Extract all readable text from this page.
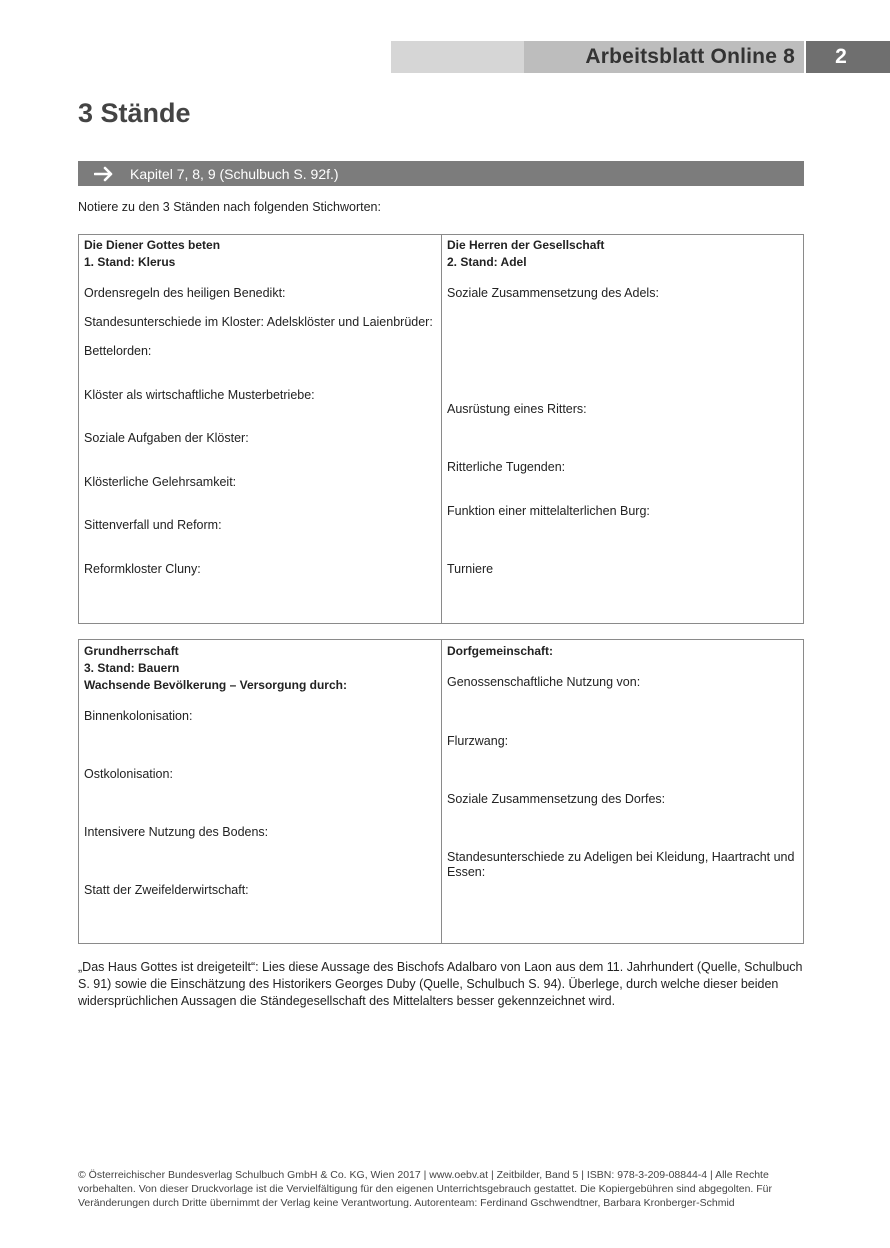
Arbeitsblatt Online 8 2
3 Stände
Kapitel 7, 8, 9 (Schulbuch S. 92f.)

Notiere zu den 3 Ständen nach folgenden Stichworten:

Die Diener Gottes beten

1. Stand: Klerus

Ordensregeln des heiligen Benedikt:

Standesunterschiede im Kloster: Adelsklöster und Laienbrüder:

Bettelorden:

Klöster als wirtschaftliche Musterbetriebe:

Soziale Aufgaben der Klöster:

Klösterliche Gelehrsamkeit:

Sittenverfall und Reform:

Reformkloster Cluny:

Die Herren der Gesellschaft

2. Stand: Adel

Soziale Zusammensetzung des Adels:

Ausrüstung eines Ritters:

Ritterliche Tugenden:

Funktion einer mittelalterlichen Burg:

Turniere

Grundherrschaft

3. Stand: Bauern

Wachsende Bevölkerung – Versorgung durch:

Binnenkolonisation:

Ostkolonisation:

Intensivere Nutzung des Bodens:

Statt der Zweifelderwirtschaft:

Dorfgemeinschaft:

Genossenschaftliche Nutzung von:

Flurzwang:

Soziale Zusammensetzung des Dorfes:

Standesunterschiede zu Adeligen bei Kleidung, Haartracht und Essen:

„Das Haus Gottes ist dreigeteilt“: Lies diese Aussage des Bischofs Adalbaro von Laon aus dem 11. Jahrhundert (Quelle, Schulbuch S. 91) sowie die Einschätzung des Historikers Georges Duby (Quelle, Schulbuch S. 94). Überlege, durch welche dieser beiden widersprüchlichen Aussagen die Ständegesellschaft des Mittelalters besser gekennzeichnet wird.

© Österreichischer Bundesverlag Schulbuch GmbH & Co. KG, Wien 2017 | www.oebv.at | Zeitbilder, Band 5 | ISBN: 978-3-209-08844-4 | Alle Rechte vorbehalten. Von dieser Druckvorlage ist die Vervielfältigung für den eigenen Unterrichtsgebrauch gestattet. Die Kopiergebühren sind abgegolten. Für Veränderungen durch Dritte übernimmt der Verlag keine Verantwortung. Autorenteam: Ferdinand Gschwendtner, Barbara Kronberger-Schmid
